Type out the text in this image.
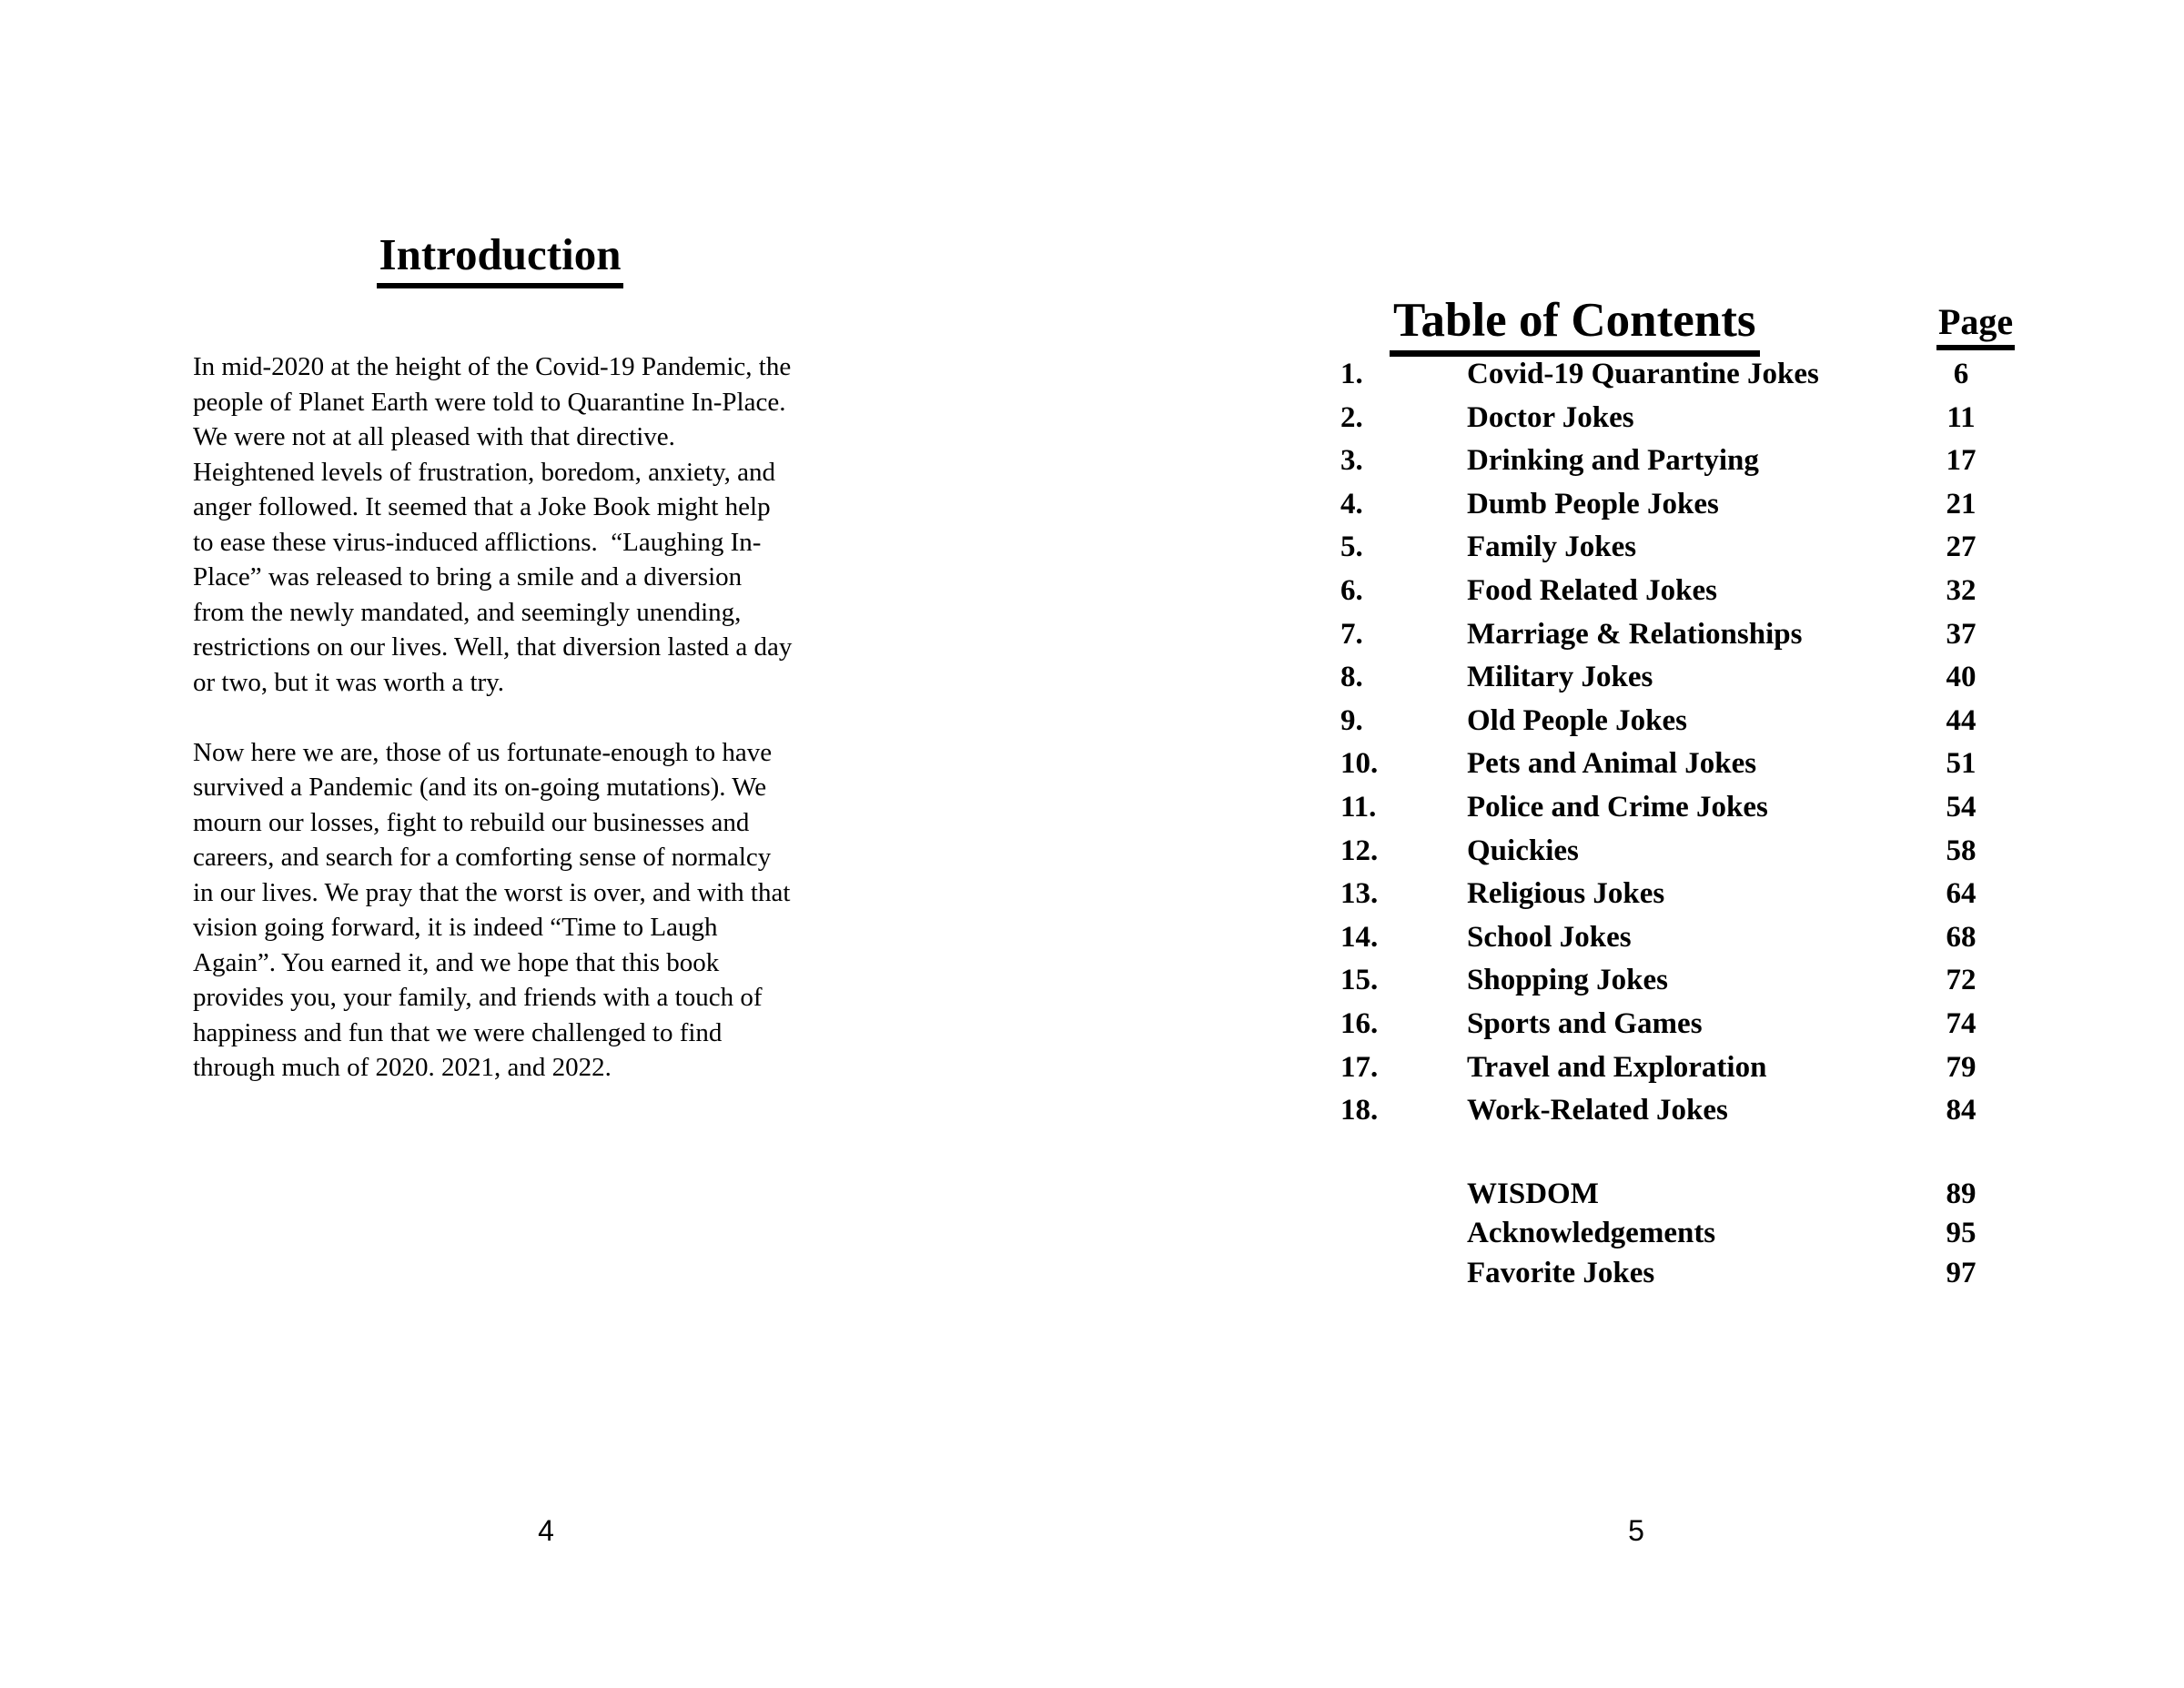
Introduction

In mid-2020 at the height of the Covid-19 Pandemic, the
people of Planet Earth were told to Quarantine In-Place.
We were not at all pleased with that directive.
Heightened levels of frustration, boredom, anxiety, and
anger followed. It seemed that a Joke Book might help
to ease these virus-induced afflictions.  “Laughing In-
Place” was released to bring a smile and a diversion
from the newly mandated, and seemingly unending,
restrictions on our lives. Well, that diversion lasted a day
or two, but it was worth a try.

Now here we are, those of us fortunate-enough to have
survived a Pandemic (and its on-going mutations). We
mourn our losses, fight to rebuild our businesses and
careers, and search for a comforting sense of normalcy
in our lives. We pray that the worst is over, and with that
vision going forward, it is indeed “Time to Laugh
Again”. You earned it, and we hope that this book
provides you, your family, and friends with a touch of
happiness and fun that we were challenged to find
through much of 2020. 2021, and 2022.

4
Table of Contents	Page
1.	Covid-19 Quarantine Jokes	6
2.	Doctor Jokes	11
3.	Drinking and Partying	17
4.	Dumb People Jokes	21
5.	Family Jokes	27
6.	Food Related Jokes	32
7.	Marriage & Relationships	37
8.	Military Jokes	40
9.	Old People Jokes	44
10.	Pets and Animal Jokes	51
11.	Police and Crime Jokes	54
12.	Quickies	58
13.	Religious Jokes	64
14.	School Jokes	68
15.	Shopping Jokes	72
16.	Sports and Games	74
17.	Travel and Exploration	79
18.	Work-Related Jokes	84
WISDOM	89
Acknowledgements	95
Favorite Jokes	97
5
